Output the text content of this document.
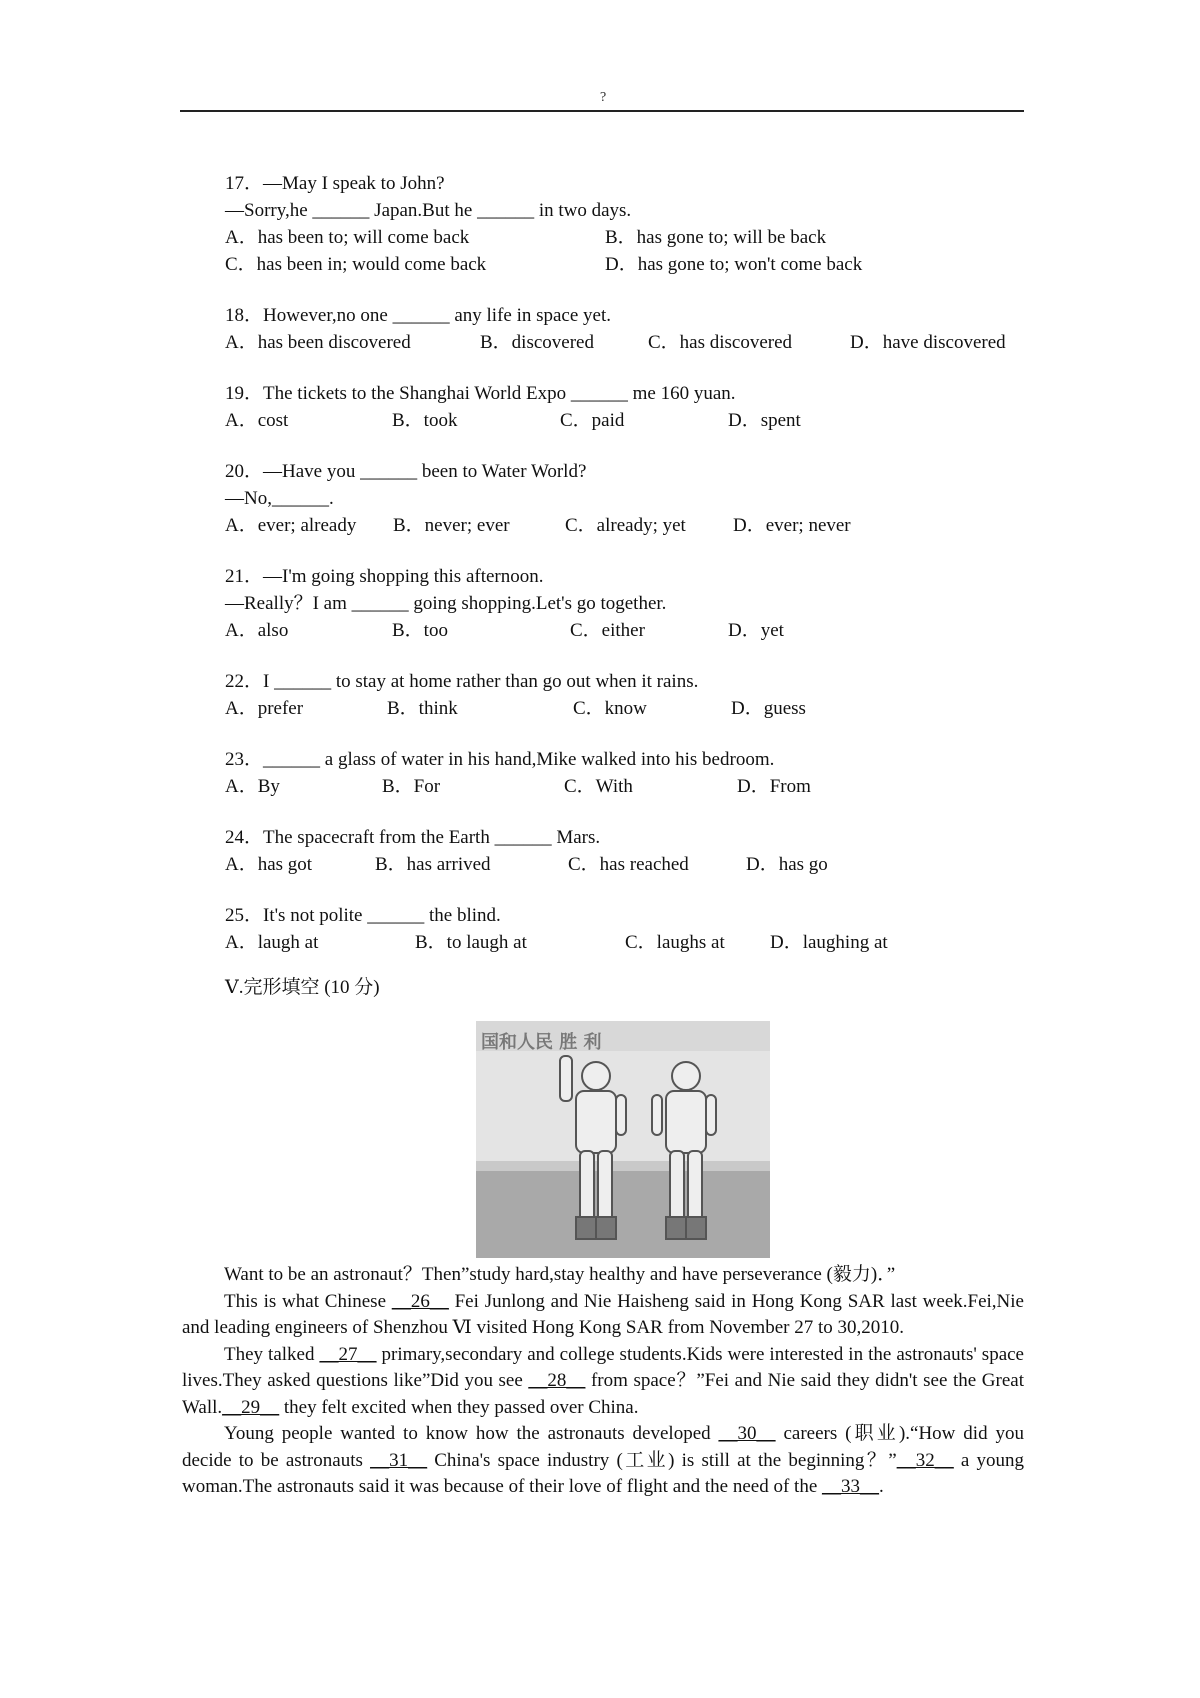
?
17．—May I speak to John?
—Sorry,he ______ Japan.But he ______ in two days.
A．has been to; will come back	B．has gone to; will be back
C．has been in; would come back	D．has gone to; won't come back
18．However,no one ______ any life in space yet.
A．has been discovered	B．discovered	C．has discovered	D．have discovered
19．The tickets to the Shanghai World Expo ______ me 160 yuan.
A．cost	B．took	C．paid	D．spent
20．—Have you ______ been to Water World?
—No,______.
A．ever; already	B．never; ever	C．already; yet	D．ever; never
21．—I'm going shopping this afternoon.
—Really？I am ______ going shopping.Let's go together.
A．also	B．too	C．either	D．yet
22．I ______ to stay at home rather than go out when it rains.
A．prefer	B．think	C．know	D．guess
23．______ a glass of water in his hand,Mike walked into his bedroom.
A．By	B．For	C．With	D．From
24．The spacecraft from the Earth ______ Mars.
A．has got	B．has arrived	C．has reached	D．has go
25．It's not polite ______ the blind.
A．laugh at	B．to laugh at	C．laughs at	D．laughing at
Ⅴ.完形填空 (10 分)
国和人民 胜 利

Want to be an astronaut？Then”study hard,stay healthy and have perseverance (毅力)．”

This is what Chinese __26__ Fei Junlong and Nie Haisheng said in Hong Kong SAR last week.Fei,Nie and leading engineers of Shenzhou Ⅵ visited Hong Kong SAR from November 27 to 30,2010.

They talked __27__ primary,secondary and college students.Kids were interested in the astronauts' space lives.They asked questions like”Did you see __28__ from space？”Fei and Nie said they didn't see the Great Wall.__29__ they felt excited when they passed over China.

Young people wanted to know how the astronauts developed __30__ careers (职业).“How did you decide to be astronauts __31__ China's space industry (工业) is still at the beginning？”__32__ a young woman.The astronauts said it was because of their love of flight and the need of the __33__.
